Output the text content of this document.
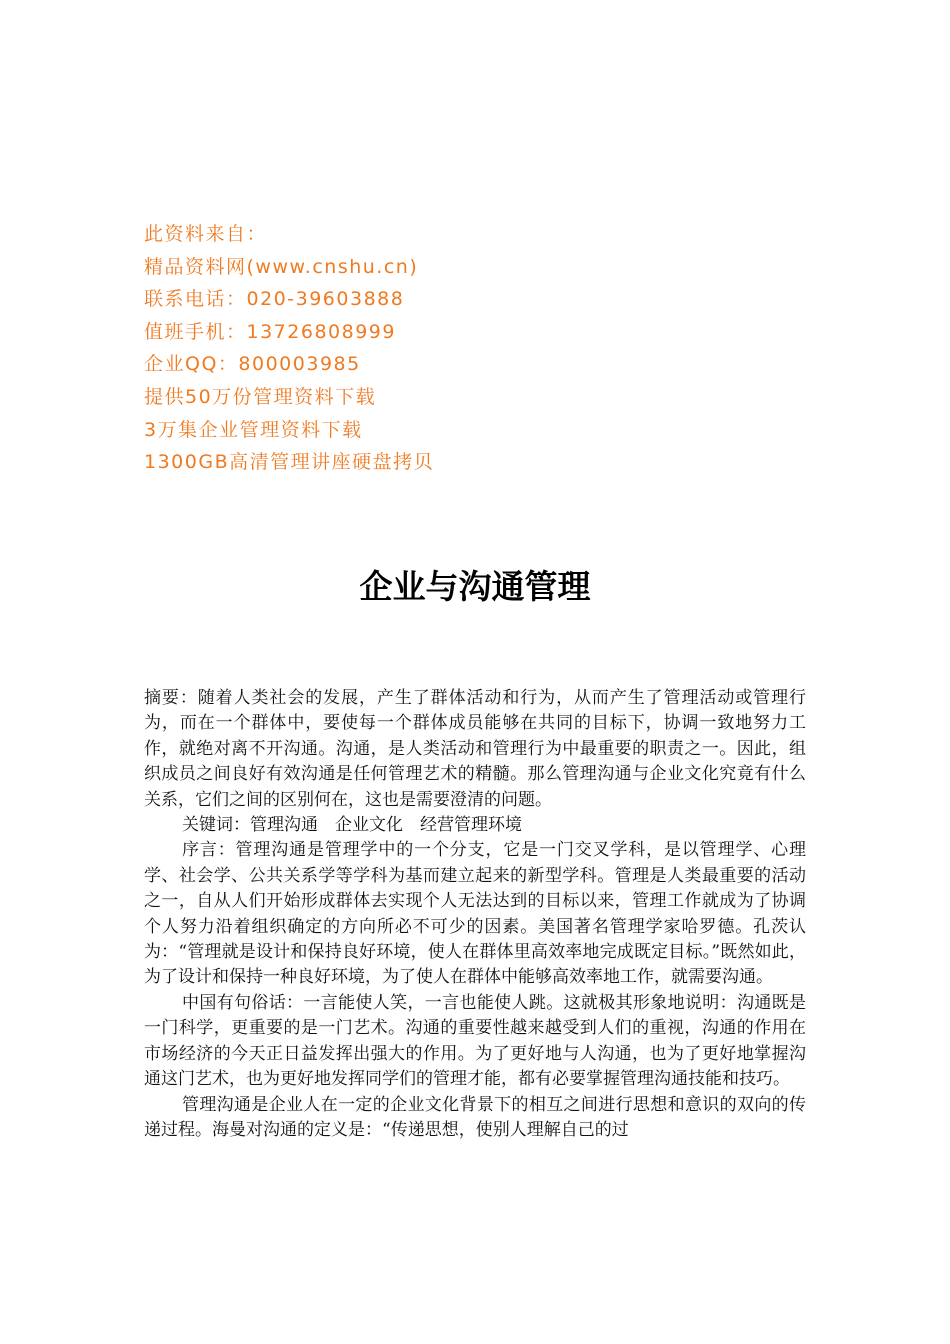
此资料来自：

精品资料网(www.cnshu.cn)

联系电话：020-39603888

值班手机：13726808999

企业QQ：800003985

提供50万份管理资料下载

3万集企业管理资料下载

1300GB高清管理讲座硬盘拷贝

企业与沟通管理

摘要：随着人类社会的发展，产生了群体活动和行为，从而产生了管理活动或管理行为，而在一个群体中，要使每一个群体成员能够在共同的目标下，协调一致地努力工作，就绝对离不开沟通。沟通，是人类活动和管理行为中最重要的职责之一。因此，组织成员之间良好有效沟通是任何管理艺术的精髓。那么管理沟通与企业文化究竟有什么关系，它们之间的区别何在，这也是需要澄清的问题。

关键词：管理沟通　企业文化　经营管理环境

序言：管理沟通是管理学中的一个分支，它是一门交叉学科，是以管理学、心理学、社会学、公共关系学等学科为基而建立起来的新型学科。管理是人类最重要的活动之一，自从人们开始形成群体去实现个人无法达到的目标以来，管理工作就成为了协调个人努力沿着组织确定的方向所必不可少的因素。美国著名管理学家哈罗德。孔茨认为：“管理就是设计和保持良好环境，使人在群体里高效率地完成既定目标。”既然如此，为了设计和保持一种良好环境，为了使人在群体中能够高效率地工作，就需要沟通。

中国有句俗话：一言能使人笑，一言也能使人跳。这就极其形象地说明：沟通既是一门科学，更重要的是一门艺术。沟通的重要性越来越受到人们的重视，沟通的作用在市场经济的今天正日益发挥出强大的作用。为了更好地与人沟通，也为了更好地掌握沟通这门艺术，也为更好地发挥同学们的管理才能，都有必要掌握管理沟通技能和技巧。

管理沟通是企业人在一定的企业文化背景下的相互之间进行思想和意识的双向的传递过程。海曼对沟通的定义是：“传递思想，使别人理解自己的过
